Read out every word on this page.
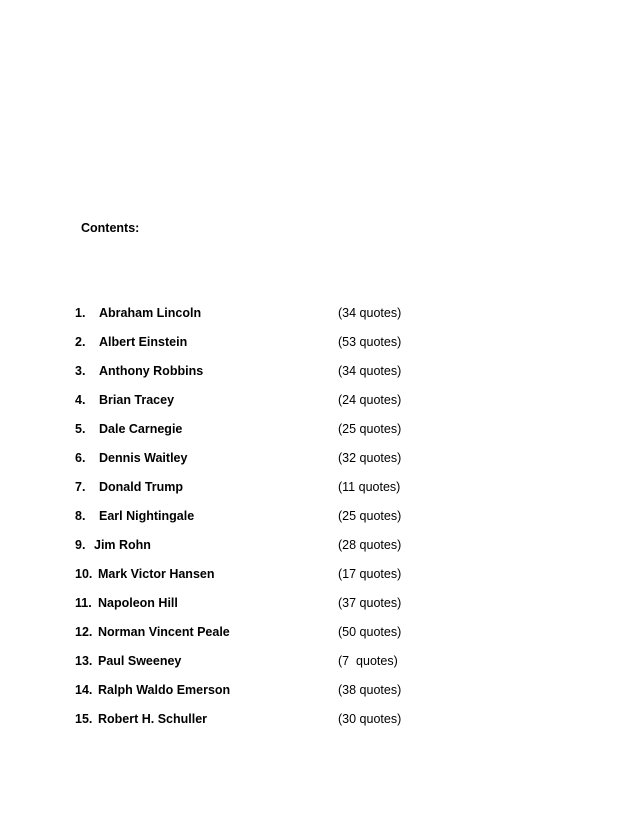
Contents:
1. Abraham Lincoln	(34 quotes)
2. Albert Einstein	(53 quotes)
3. Anthony Robbins	(34 quotes)
4. Brian Tracey	(24 quotes)
5. Dale Carnegie	(25 quotes)
6. Dennis Waitley	(32 quotes)
7. Donald Trump	(11 quotes)
8. Earl Nightingale	(25 quotes)
9. Jim Rohn	(28 quotes)
10. Mark Victor Hansen	(17 quotes)
11. Napoleon Hill	(37 quotes)
12. Norman Vincent Peale	(50 quotes)
13. Paul Sweeney	(7  quotes)
14. Ralph Waldo Emerson	(38 quotes)
15. Robert H. Schuller	(30 quotes)
